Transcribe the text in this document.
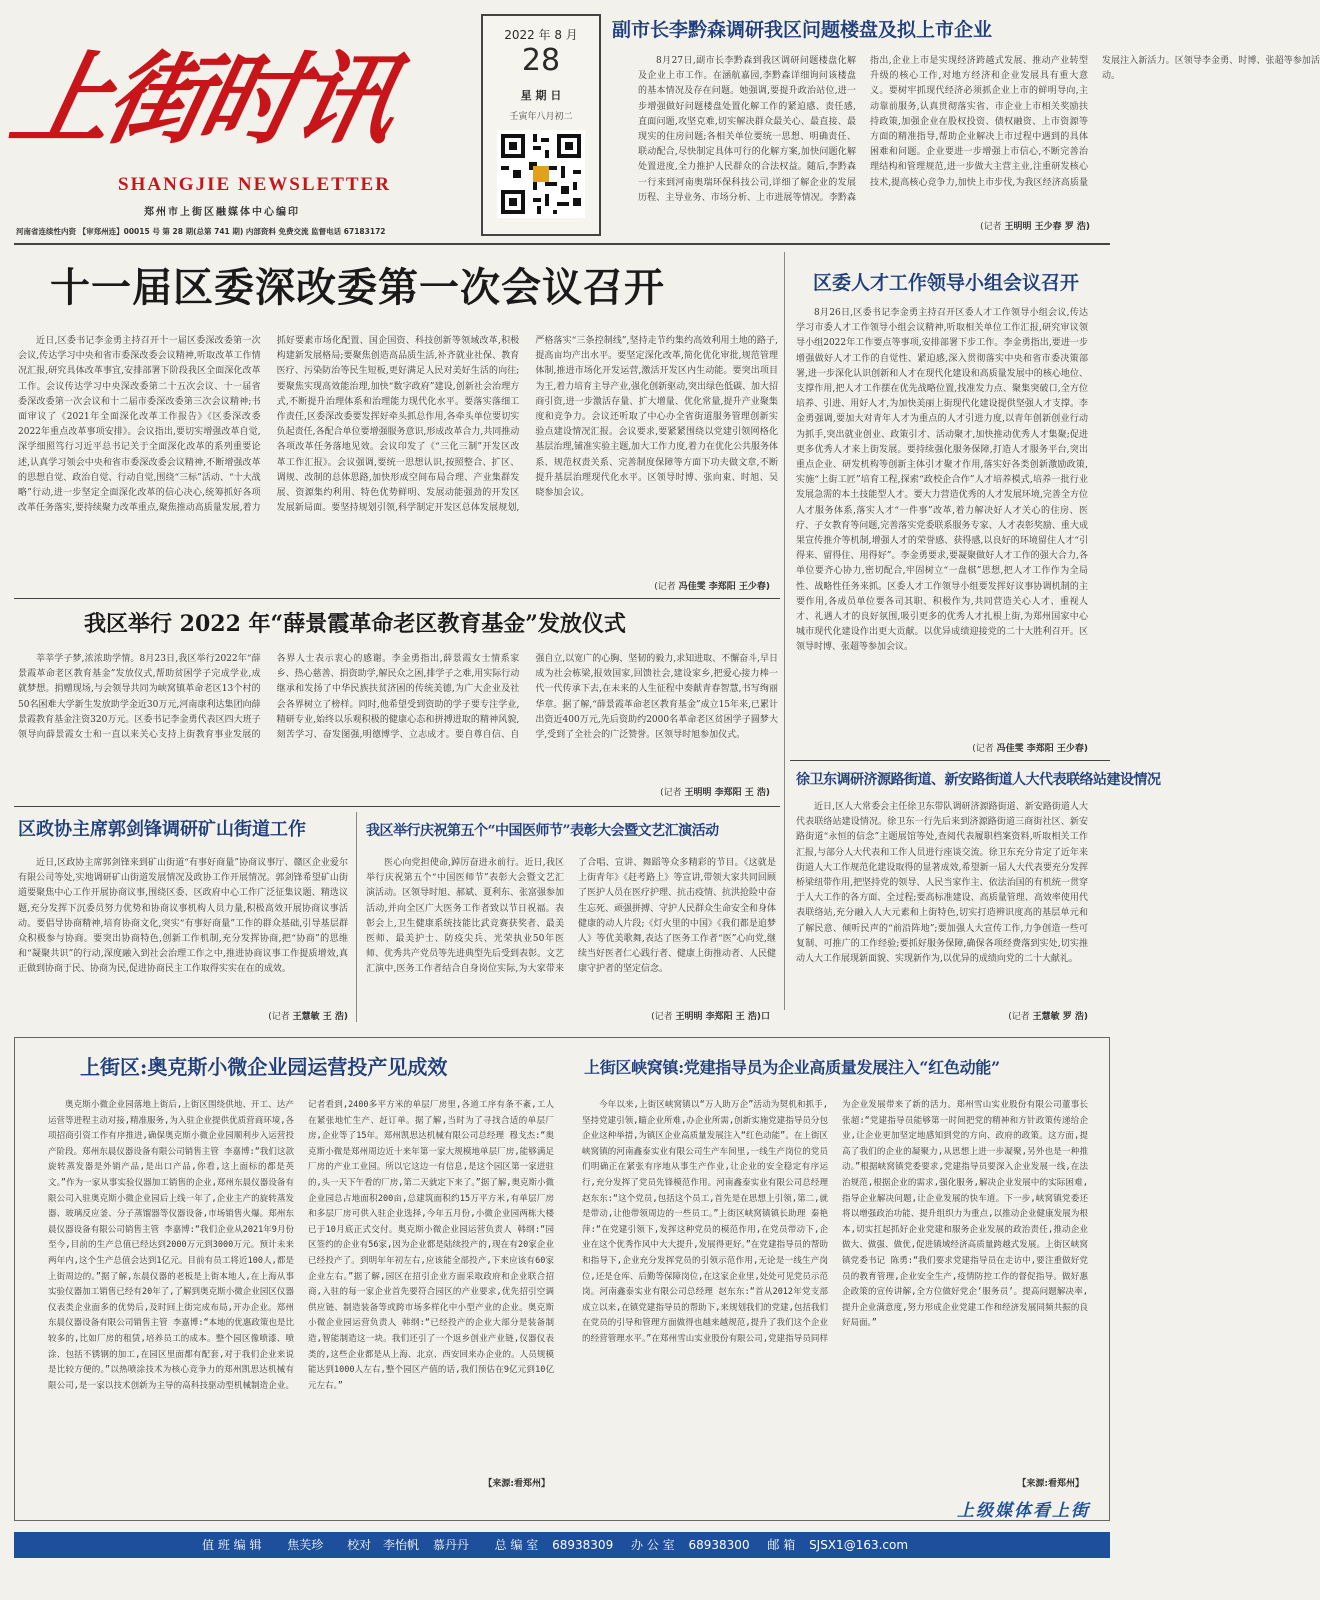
上街时讯
SHANGJIE NEWSLETTER
郑州市上街区融媒体中心编印
河南省连续性内资 【审郑州连】00015 号 第 28 期(总第 741 期) 内部资料 免费交流 监督电话 67183172
2022 年 8 月
28
星 期 日
壬寅年八月初二
副市长李黔森调研我区问题楼盘及拟上市企业

8月27日,副市长李黔森到我区调研问题楼盘化解及企业上市工作。在涵航嘉园,李黔森详细询问该楼盘的基本情况及存在问题。她强调,要提升政治站位,进一步增强做好问题楼盘处置化解工作的紧迫感、责任感,直面问题,攻坚克难,切实解决群众最关心、最直接、最现实的住房问题;各相关单位要统一思想、明确责任、联动配合,尽快制定具体可行的化解方案,加快问题化解处置进度,全力推护人民群众的合法权益。随后,李黔森一行来到河南奥瑞环保科技公司,详细了解企业的发展历程、主导业务、市场分析、上市进展等情况。李黔森指出,企业上市是实现经济跨越式发展、推动产业转型升级的核心工作,对地方经济和企业发展具有重大意义。要树牢抓现代经济必须抓企业上市的鲜明导向,主动靠前服务,认真贯彻落实省、市企业上市相关奖励扶持政策,加强企业在股权投资、债权融资、上市资源等方面的精准指导,帮助企业解决上市过程中遇到的具体困难和问题。企业要进一步增强上市信心,不断完善治理结构和管理规范,进一步做大主营主业,注重研发核心技术,提高核心竞争力,加快上市步伐,为我区经济高质量发展注入新活力。区领导李金勇、时博、张超等参加活动。

(记者 王明明 王少春 罗 浩)
十一届区委深改委第一次会议召开

近日,区委书记李金勇主持召开十一届区委深改委第一次会议,传达学习中央和省市委深改委会议精神,听取改革工作情况汇报,研究具体改革事宜,安排部署下阶段我区全面深化改革工作。会议传达学习中央深改委第二十五次会议、十一届省委深改委第一次会议和十二届市委深改委第三次会议精神;书面审议了《2021年全面深化改革工作报告》《区委深改委2022年重点改革事项安排》。会议指出,要切实增强改革自觉,深学细照笃行习近平总书记关于全面深化改革的系列重要论述,认真学习领会中央和省市委深改委会议精神,不断增强改革的思想自觉、政治自觉、行动自觉,围绕“三标”活动、“十大战略”行动,进一步坚定全面深化改革的信心决心,统筹抓好各项改革任务落实,要持续聚力改革重点,聚焦推动高质量发展,着力抓好要素市场化配置、国企国资、科技创新等领域改革,积极构建新发展格局;要聚焦创造高品质生活,补齐就业社保、教育医疗、污染防治等民生短板,更好满足人民对美好生活的向往;要聚焦实现高效能治理,加快“数字政府”建设,创新社会治理方式,不断提升治理体系和治理能力现代化水平。要落实落细工作责任,区委深改委要发挥好牵头抓总作用,各牵头单位要切实负起责任,各配合单位要增强服务意识,形成改革合力,共同推动各项改革任务落地见效。会议印发了《“三化三制”开发区改革工作汇报》。会议强调,要统一思想认识,按照整合、扩区、调规、改制的总体思路,加快形成空间布局合理、产业集群发展、资源集约利用、特色优势鲜明、发展动能强劲的开发区发展新局面。要坚持规划引领,科学制定开发区总体发展规划,严格落实“三条控制线”,坚持走节约集约高效利用土地的路子,提高亩均产出水平。要坚定深化改革,简化优化审批,规范管理体制,推进市场化开发运营,激活开发区内生动能。要突出项目为王,着力培育主导产业,强化创新驱动,突出绿色低碳、加大招商引资,进一步激活存量、扩大增量、优化常量,提升产业聚集度和竞争力。会议还听取了中心办全省街道服务管理创新实验点建设情况汇报。会议要求,要紧紧围绕以党建引领网格化基层治理,铺准实验主题,加大工作力度,着力在优化公共服务体系、规范权责关系、完善制度保障等方面下功夫做文章,不断提升基层治理现代化水平。区领导时博、张向東、时旭、吴晓参加会议。

(记者 冯佳雯 李郑阳 王少春)
区委人才工作领导小组会议召开

8月26日,区委书记李金勇主持召开区委人才工作领导小组会议,传达学习市委人才工作领导小组会议精神,听取相关单位工作汇报,研究审议领导小组2022年工作要点等事项,安排部署下步工作。李金勇指出,要进一步增强做好人才工作的自觉性、紧迫感,深入贯彻落实中央和省市委决策部署,进一步深化认识创新和人才在现代化建设和高质量发展中的核心地位、支撑作用,把人才工作摆在优先战略位置,找准发力点、聚集突破口,全方位培养、引进、用好人才,为加快美丽上街现代化建设提供坚强人才支撑。李金勇强调,要加大对青年人才为重点的人才引进力度,以青年创新创业行动为抓手,突出就业创业、政策引才、活动聚才,加快推动优秀人才集聚;促进更多优秀人才来上街发展。要持续强化服务保障,打造人才服务平台,突出重点企业、研发机构等创新主体引才聚才作用,落实好各类创新激励政策,实施“上街工匠”培育工程,探索“政校企合作”人才培养模式,培养一批行业发展急需的本土技能型人才。要大力营造优秀的人才发展环境,完善全方位人才服务体系,落实人才“一件事”改革,着力解决好人才关心的住房、医疗、子女教育等问题,完善落实党委联系服务专家、人才表彰奖励、重大成果宣传推介等机制,增强人才的荣誉感、获得感,以良好的环境留住人才“引得来、留得住、用得好”。李金勇要求,要凝聚做好人才工作的强大合力,各单位要齐心协力,密切配合,牢固树立“一盘棋”思想,把人才工作作为全局性、战略性任务来抓。区委人才工作领导小组要发挥好议事协调机制的主要作用,各成员单位要各司其职、积极作为,共同营造关心人才、重视人才、礼遇人才的良好氛围,吸引更多的优秀人才扎根上街,为郑州国家中心城市现代化建设作出更大贡献。以优异成绩迎接党的二十大胜利召开。区领导时博、张超等参加会议。

(记者 冯佳雯 李郑阳 王少春)
我区举行 2022 年“薛景霞革命老区教育基金”发放仪式

莘莘学子梦,浓浓助学情。8月23日,我区举行2022年“薛景霞革命老区教育基金”发放仪式,帮助贫困学子完成学业,成就梦想。捐赠现场,与会领导共同为峡窝镇革命老区13个村的50名困难大学新生发放助学金近30万元,河南康利达集团向薛景霞教育基金注资320万元。区委书记李金勇代表区四大班子领导向薛景霞女士和一直以来关心支持上街教育事业发展的各界人士表示衷心的感谢。李金勇指出,薛景霞女士情系家乡、热心慈善、捐资助学,解民众之困,排学子之难,用实际行动继承和发扬了中华民族扶贫济困的传统美德,为广大企业及社会各界树立了榜样。同时,他希望受到资助的学子要专注学业,精研专业,始终以乐观积极的健康心态和拼搏进取的精神风貌,刻苦学习、奋发图强,明德博学、立志成才。要自尊自信、自强自立,以宽广的心胸、坚韧的毅力,求知进取、不懈奋斗,早日成为社会栋梁,报效国家,回馈社会,建设家乡,把爱心接力棒一代一代传承下去,在未来的人生征程中奏献青春智慧,书写绚丽华章。据了解,“薛景霞革命老区教育基金”成立15年来,已累计出资近400万元,先后资助约2000名革命老区贫困学子圆梦大学,受到了全社会的广泛赞誉。区领导时旭参加仪式。

(记者 王明明 李郑阳 王 浩)
徐卫东调研济源路街道、新安路街道人大代表联络站建设情况

近日,区人大常委会主任徐卫东带队调研济源路街道、新安路街道人大代表联络站建设情况。徐卫东一行先后来到济源路街道三商街社区、新安路街道“永恒的信念”主题展馆等处,查阅代表履职档案资料,听取相关工作汇报,与部分人大代表和工作人员进行座谈交流。徐卫东充分肯定了近年来街道人大工作规范化建设取得的显著成效,希望新一届人大代表要充分发挥桥梁纽带作用,把坚持党的领导、人民当家作主、依法治国的有机统一贯穿于人大工作的各方面、全过程;要高标准建设、高质量管理、高效率使用代表联络站,充分融入人大元素和上街特色,切实打造辨识度高的基层单元和了解民意、倾听民声的“前沿阵地”;要加强人大宣传工作,力争创造一些可复制、可推广的工作经验;要抓好服务保障,确保各项经费落到实处,切实推动人大工作展现新面貌、实现新作为,以优异的成绩向党的二十大献礼。

(记者 王慧敏 罗 浩)
区政协主席郭剑锋调研矿山街道工作

近日,区政协主席郭剑锋来到矿山街道“有事好商量”协商议事厅、赣区企业爱尔有限公司等处,实地调研矿山街道发展情况及政协工作开展情况。郭剑锋希望矿山街道要聚焦中心工作开展协商议事,围绕区委、区政府中心工作广泛征集议题、精选议题,充分发挥下沉委员努力优势和协商议事机构人员力量,积极高效开展协商议事活动。要倡导协商精神,培育协商文化,突实“有事好商量”工作的群众基础,引导基层群众积极参与协商。要突出协商特色,创新工作机制,充分发挥协商,把“协商”的思维和“凝聚共识”的行动,深度融入到社会治理工作之中,推进协商议事工作提质增效,真正做到协商于民、协商为民,促进协商民主工作取得实实在在的成效。

(记者 王慧敏 王 浩)
我区举行庆祝第五个“中国医师节”表彰大会暨文艺汇演活动

医心向党担使命,踔厉奋进永前行。近日,我区举行庆祝第五个“中国医师节”表彰大会暨文艺汇演活动。区领导时旭、郝斌、夏利东、张富强参加活动,并向全区广大医务工作者致以节日祝福。表彰会上,卫生健康系统技能比武竞赛获奖者、最美医师、最美护士、防疫尖兵、光荣执业50年医师、优秀共产党员等先进典型先后受到表彰。文艺汇演中,医务工作者结合自身岗位实际,为大家带来了合唱、宣讲、舞蹈等众多精彩的节目。《这就是上街青年》《赶考路上》等宣讲,带领大家共同回顾了医护人员在医疗护理、抗击疫情、抗洪抢险中奋生忘死、顽强拼搏、守护人民群众生命安全和身体健康的动人片段;《灯火里的中国》《我们都是追梦人》等优美歌舞,表达了医务工作者“医”心向党,继续当好医者仁心践行者、健康上街推动者、人民健康守护者的坚定信念。

(记者 王明明 李郑阳 王 浩)口
上街区:奥克斯小微企业园运营投产见成效

奥克斯小微企业园落地上街后,上街区围绕供地、开工、达产运营等进程主动对接,精准服务,为入驻企业提供优质营商环境,各项招商引资工作有序推进,确保奥克斯小微企业园顺利步入运营投产阶段。郑州东晨仪器设备有限公司销售主管 李嘉博:“我们这款旋转蒸发器是外销产品,是出口产品,你看,这上面标的都是英文。”作为一家从事实验仪器加工销售的企业,郑州东晨仪器设备有限公司入驻奥克斯小微企业园后上线一年了,企业主产的旋转蒸发器、玻璃反应釜、分子蒸馏器等仪器设备,市场销售火爆。郑州东晨仪器设备有限公司销售主管 李嘉博:“我们企业从2021年9月份至今,目前的生产总值已经达到2000万元到3000万元。预计未来两年内,这个生产总值会达到1亿元。目前有员工将近100人,都是上街周边的。”据了解,东晨仪器的老板是上街本地人,在上海从事实验仪器加工销售已经有20年了,了解到奥克斯小微企业园区仪器仪表类企业面多的优势后,及时回上街完成布局,开办企业。郑州东晨仪器设备有限公司销售主管 李嘉博:“本地的优惠政策也是比较多的,比如厂房的租赁,培养员工的成本。整个园区像喷漆、喷涂、包括不锈钢的加工,在园区里面都有配套,对于我们企业来说是比较方便的。”以热喷涂技术为核心竞争力的郑州凯思达机械有限公司,是一家以技术创新为主导的高科技驱动型机械制造企业。记者看到,2400多平方米的单层厂房里,各道工序有条不紊,工人在紧张地忙生产、赶订单。据了解,当时为了寻找合适的单层厂房,企业等了15年。郑州凯思达机械有限公司总经理 穆戈杰:“奥克斯小微是郑州周边近十来年第一家大规模地单层厂房,能够满足厂房的产业工业园。所以它这边一有信息,是这个园区第一家进驻的,头一天下午看的厂房,第二天就定下来了。”据了解,奥克斯小微企业园总占地面积200亩,总建筑面积约15万平方米,有单层厂房和多层厂房可供入驻企业选择,今年五月份,小微企业园两栋大楼已于10月底正式交付。奥克斯小微企业园运营负责人 韩纲:“园区签约的企业有56家,因为企业都是陆续投产的,现在有20家企业已经投产了。到明年年初左右,应该能全部投产,下来应该有60家企业左右。”据了解,园区在招引企业方面采取政府和企业联合招商,入驻的每一家企业首先要符合园区的产业要求,优先招引空调供应链、制造装备等或跨市场多样化中小型产业的企业。奥克斯小微企业园运营负责人 韩纲:“已经投产的企业大部分是装备制造,智能制造这一块。我们还引了一个返乡创业产业链,仪器仪表类的,这些企业都是从上海、北京、西安回来办企业的。人员规模能达到1000人左右,整个园区产值的话,我们预估在9亿元到10亿元左右。”

【来源:看郑州】
上街区峡窝镇:党建指导员为企业高质量发展注入“红色动能”

今年以来,上街区峡窝镇以“万人助万企”活动为契机和抓手,坚持党建引领,瞄企业所难,办企业所需,创新实施党建指导员分包企业这种举措,为镇区企业高质量发展注入“红色动能”。在上街区峡窝镇的河南鑫泰实业有限公司生产车间里,一线生产岗位的党员们明确正在紧张有序地从事生产作业,让企业的安全稳定有序运行,充分发挥了党员先锋模范作用。河南鑫泰实业有限公司总经理 赵东东:“这个党员,包括这个员工,首先是在思想上引领,第二,就是带动,让他带领周边的一些员工。”上街区峡窝镇镇长助理 秦艳萍:“在党建引领下,发挥这种党员的模范作用,在党员带动下,企业在这个优秀作风中大大提升,发展得更好。”在党建指导员的帮助和指导下,企业充分发挥党员的引领示范作用,无论是一线生产岗位,还是仓库、后勤等保障岗位,在这家企业里,处处可见党员示范岗。河南鑫泰实业有限公司总经理 赵东东:“首从2012年党支部成立以来,在镇党建指导员的帮助下,来规划我们的党建,包括我们在党员的引导和管理方面做得也越来越规范,提升了我们这个企业的经营管理水平。”在郑州雪山实业股份有限公司,党建指导员同样为企业发展带来了新的活力。郑州雪山实业股份有限公司董事长 张超:“党建指导员能够第一时间把党的精神和方针政策传递给企业,让企业更加坚定地感知到党的方向、政府的政策。这方面,提高了我们的企业的凝聚力,从思想上进一步凝聚,另外也是一种推动。”根据峡窝镇党委要求,党建指导员要深入企业发展一线,在法治规范,根据企业的需求,强化服务,解决企业发展中的实际困难,指导企业解决问题,让企业发展的快车道。下一步,峡窝镇党委还将以增强政治功能、提升组织力为重点,以推动企业健康发展为根本,切实扛起抓好企业党建和服务企业发展的政治责任,推动企业做大、做强、做优,促进镇域经济高质量跨越式发展。上街区峡窝镇党委书记 陈勇:“我们要求党建指导员在走访中,要注重做好党员的教育管理,企业安全生产,疫情防控工作的督促指导。做好惠企政策的宣传讲解,全方位做好党企‘服务员’。提高问题解决率,提升企业满意度,努力形成企业党建工作和经济发展同频共振的良好局面。”

【来源:看郑州】
上级媒体看上街
值 班 编 辑 焦芙珍 校对 李怡帆 慕丹丹 总 编 室 68938309 办 公 室 68938300 邮 箱 SJSX1@163.com
